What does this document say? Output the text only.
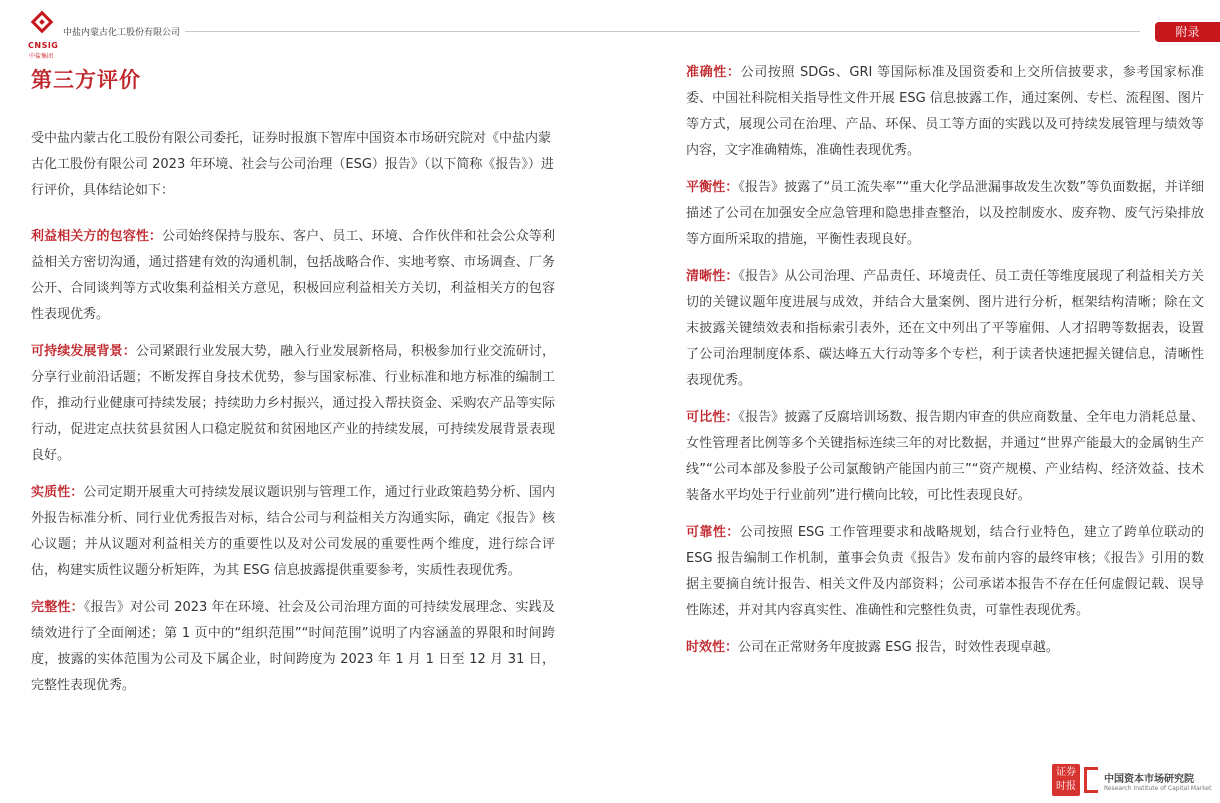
CNSIG
中盐集团
中盐内蒙古化工股份有限公司	附录
第三方评价

受中盐内蒙古化工股份有限公司委托，证券时报旗下智库中国资本市场研究院对《中盐内蒙古化工股份有限公司 2023 年环境、社会与公司治理（ESG）报告》（以下简称《报告》）进行评价，具体结论如下：

利益相关方的包容性：公司始终保持与股东、客户、员工、环境、合作伙伴和社会公众等利益相关方密切沟通，通过搭建有效的沟通机制，包括战略合作、实地考察、市场调查、厂务公开、合同谈判等方式收集利益相关方意见，积极回应利益相关方关切，利益相关方的包容性表现优秀。

可持续发展背景：公司紧跟行业发展大势，融入行业发展新格局，积极参加行业交流研讨，分享行业前沿话题；不断发挥自身技术优势，参与国家标准、行业标准和地方标准的编制工作，推动行业健康可持续发展；持续助力乡村振兴，通过投入帮扶资金、采购农产品等实际行动，促进定点扶贫县贫困人口稳定脱贫和贫困地区产业的持续发展，可持续发展背景表现良好。

实质性：公司定期开展重大可持续发展议题识别与管理工作，通过行业政策趋势分析、国内外报告标准分析、同行业优秀报告对标，结合公司与利益相关方沟通实际，确定《报告》核心议题；并从议题对利益相关方的重要性以及对公司发展的重要性两个维度，进行综合评估，构建实质性议题分析矩阵，为其 ESG 信息披露提供重要参考，实质性表现优秀。

完整性：《报告》对公司 2023 年在环境、社会及公司治理方面的可持续发展理念、实践及绩效进行了全面阐述；第 1 页中的“组织范围”“时间范围”说明了内容涵盖的界限和时间跨度，披露的实体范围为公司及下属企业，时间跨度为 2023 年 1 月 1 日至 12 月 31 日，完整性表现优秀。

准确性：公司按照 SDGs、GRI 等国际标准及国资委和上交所信披要求，参考国家标准委、中国社科院相关指导性文件开展 ESG 信息披露工作，通过案例、专栏、流程图、图片等方式，展现公司在治理、产品、环保、员工等方面的实践以及可持续发展管理与绩效等内容，文字准确精炼，准确性表现优秀。

平衡性：《报告》披露了“员工流失率”“重大化学品泄漏事故发生次数”等负面数据，并详细描述了公司在加强安全应急管理和隐患排查整治，以及控制废水、废弃物、废气污染排放等方面所采取的措施，平衡性表现良好。

清晰性：《报告》从公司治理、产品责任、环境责任、员工责任等维度展现了利益相关方关切的关键议题年度进展与成效，并结合大量案例、图片进行分析，框架结构清晰；除在文末披露关键绩效表和指标索引表外，还在文中列出了平等雇佣、人才招聘等数据表，设置了公司治理制度体系、碳达峰五大行动等多个专栏，利于读者快速把握关键信息，清晰性表现优秀。

可比性：《报告》披露了反腐培训场数、报告期内审查的供应商数量、全年电力消耗总量、女性管理者比例等多个关键指标连续三年的对比数据，并通过“世界产能最大的金属钠生产线”“公司本部及参股子公司氯酸钠产能国内前三”“资产规模、产业结构、经济效益、技术装备水平均处于行业前列”进行横向比较，可比性表现良好。

可靠性：公司按照 ESG 工作管理要求和战略规划，结合行业特色，建立了跨单位联动的 ESG 报告编制工作机制，董事会负责《报告》发布前内容的最终审核；《报告》引用的数据主要摘自统计报告、相关文件及内部资料；公司承诺本报告不存在任何虚假记载、误导性陈述，并对其内容真实性、准确性和完整性负责，可靠性表现优秀。

时效性：公司在正常财务年度披露 ESG 报告，时效性表现卓越。

证券时报
中国资本市场研究院
Research Institute of Capital Market
